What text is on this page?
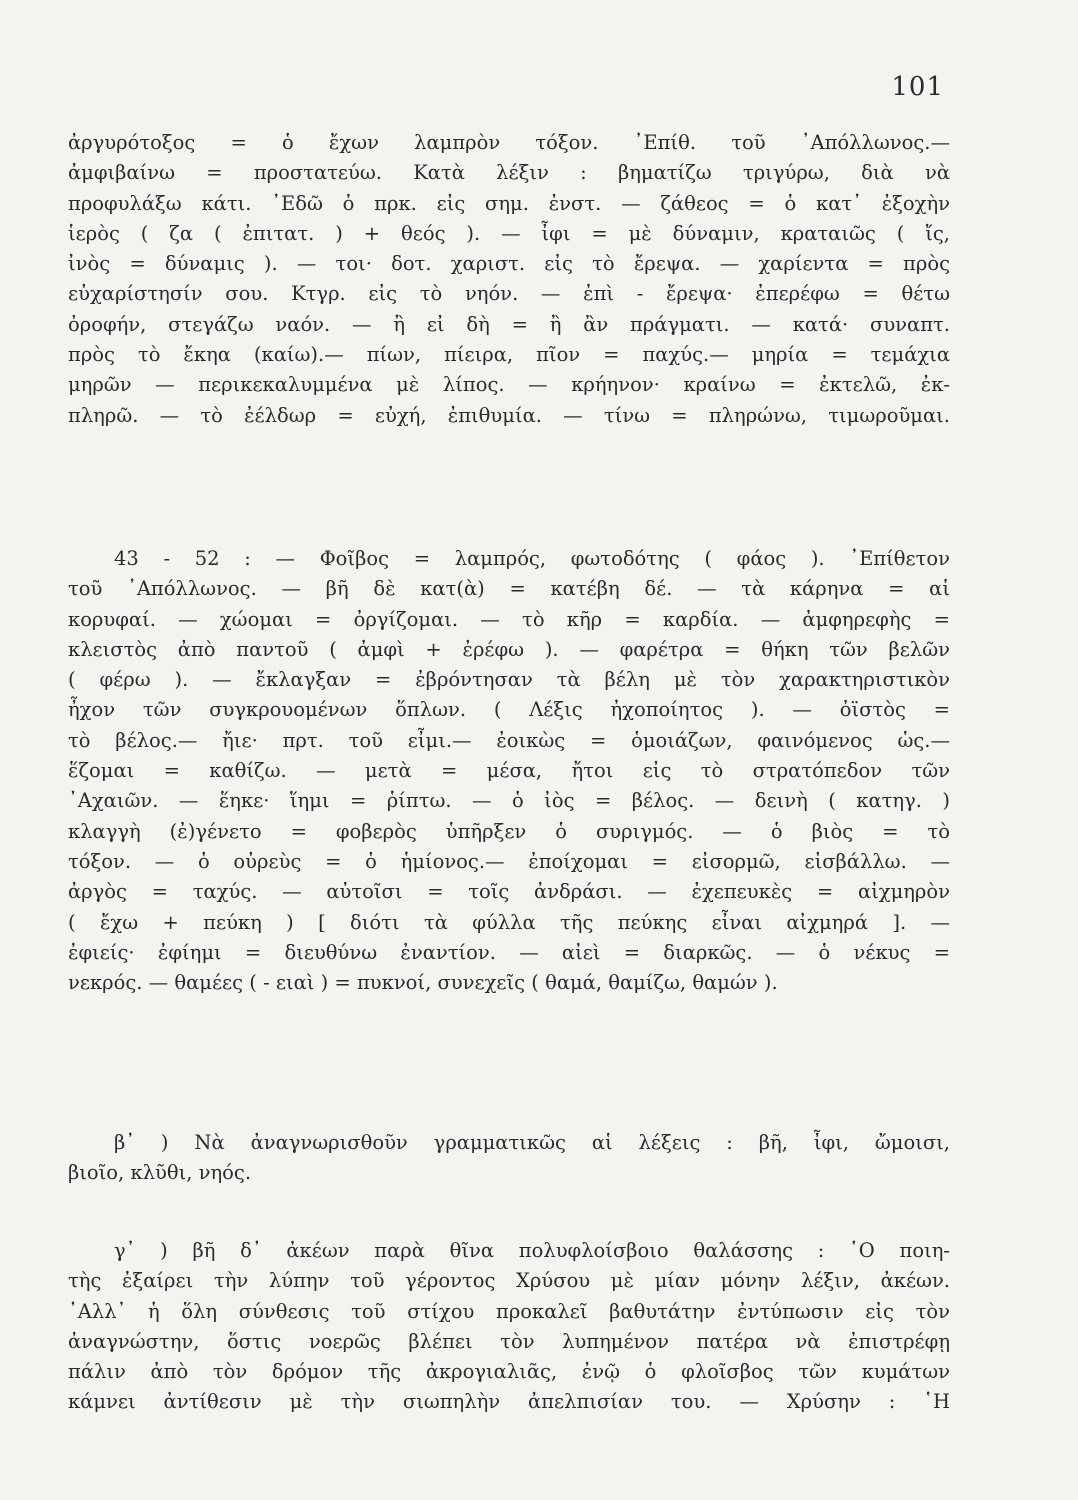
101
ἀργυρότοξος = ὁ ἔχων λαμπρὸν τόξον. ᾽Επίθ. τοῦ ᾽Απόλλωνος.—
ἀμφιβαίνω = προστατεύω. Κατὰ λέξιν : βηματίζω τριγύρω, διὰ νὰ
προφυλάξω κάτι. ᾽Εδῶ ὁ πρκ. εἰς σημ. ἐνστ. — ζάθεος = ὁ κατ᾽ ἐξοχὴν
ἱερὸς ( ζα ( ἐπιτατ. ) + θεός ). — ἶφι = μὲ δύναμιν, κραταιῶς ( ἴς,
ἰνὸς = δύναμις ). — τοι· δοτ. χαριστ. εἰς τὸ ἔρεψα. — χαρίεντα = πρὸς
εὐχαρίστησίν σου. Κτγρ. εἰς τὸ νηόν. — ἐπὶ - ἔρεψα· ἐπερέφω = θέτω
ὀροφήν, στεγάζω ναόν. — ἢ εἰ δὴ = ἢ ἂν πράγματι. — κατά· συναπτ.
πρὸς τὸ ἔκηα (καίω).— πίων, πίειρα, πῖον = παχύς.— μηρία = τεμάχια
μηρῶν — περικεκαλυμμένα μὲ λίπος. — κρήηνον· κραίνω = ἐκτελῶ, ἐκ-
πληρῶ. — τὸ ἐέλδωρ = εὐχή, ἐπιθυμία. — τίνω = πληρώνω, τιμωροῦμαι.
43 - 52 : — Φοῖβος = λαμπρός, φωτοδότης ( φάος ). ᾽Επίθετον
τοῦ ᾽Απόλλωνος. — βῆ δὲ κατ(ὰ) = κατέβη δέ. — τὰ κάρηνα = αἱ
κορυφαί. — χώομαι = ὀργίζομαι. — τὸ κῆρ = καρδία. — ἀμφηρεφὴς =
κλειστὸς ἀπὸ παντοῦ ( ἀμφὶ + ἐρέφω ). — φαρέτρα = θήκη τῶν βελῶν
( φέρω ). — ἔκλαγξαν = ἐβρόντησαν τὰ βέλη μὲ τὸν χαρακτηριστικὸν
ἦχον τῶν συγκρουομένων ὅπλων. ( Λέξις ἠχοποίητος ). — ὀϊστὸς =
τὸ βέλος.— ἤιε· πρτ. τοῦ εἶμι.— ἐοικὼς = ὁμοιάζων, φαινόμενος ὡς.—
ἕζομαι = καθίζω. — μετὰ = μέσα, ἤτοι εἰς τὸ στρατόπεδον τῶν
᾽Αχαιῶν. — ἕηκε· ἵημι = ῥίπτω. — ὁ ἰὸς = βέλος. — δεινὴ ( κατηγ. )
κλαγγὴ (ἐ)γένετο = φοβερὸς ὑπῆρξεν ὁ συριγμός. — ὁ βιὸς = τὸ
τόξον. — ὁ οὐρεὺς = ὁ ἡμίονος.— ἐποίχομαι = εἰσορμῶ, εἰσβάλλω. —
ἀργὸς = ταχύς. — αὐτοῖσι = τοῖς ἀνδράσι. — ἐχεπευκὲς = αἰχμηρὸν
( ἔχω + πεύκη ) [ διότι τὰ φύλλα τῆς πεύκης εἶναι αἰχμηρά ]. —
ἐφιείς· ἐφίημι = διευθύνω ἐναντίον. — αἰεὶ = διαρκῶς. — ὁ νέκυς =
νεκρός. — θαμέες ( - ειαὶ ) = πυκνοί, συνεχεῖς ( θαμά, θαμίζω, θαμών ).
β᾽ ) Νὰ ἀναγνωρισθοῦν γραμματικῶς αἱ λέξεις : βῆ, ἶφι, ὤμοισι,
βιοῖο, κλῦθι, νηός.
γ᾽ ) βῆ δ᾽ ἀκέων παρὰ θῖνα πολυφλοίσβοιο θαλάσσης : ῾Ο ποιη-
τὴς ἐξαίρει τὴν λύπην τοῦ γέροντος Χρύσου μὲ μίαν μόνην λέξιν, ἀκέων.
᾽Αλλ᾽ ἡ ὅλη σύνθεσις τοῦ στίχου προκαλεῖ βαθυτάτην ἐντύπωσιν εἰς τὸν
ἀναγνώστην, ὅστις νοερῶς βλέπει τὸν λυπημένον πατέρα νὰ ἐπιστρέφῃ
πάλιν ἀπὸ τὸν δρόμον τῆς ἀκρογιαλιᾶς, ἐνῷ ὁ φλοῖσβος τῶν κυμάτων
κάμνει ἀντίθεσιν μὲ τὴν σιωπηλὴν ἀπελπισίαν του. — Χρύσην : ῾Η
